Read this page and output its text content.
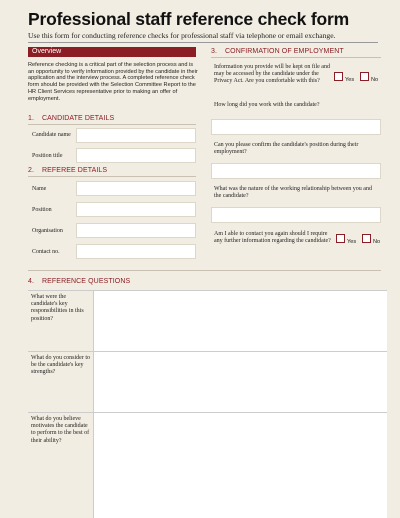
Professional staff reference check form
Use this form for conducting reference checks for professional staff via telephone or email exchange.
Overview
Reference checking is a critical part of the selection process and is an opportunity to verify information provided by the candidate in their application and the interview process. A completed reference check form should be provided with the Selection Committee Report to the HR Client Services representative prior to making an offer of employment.
1. CANDIDATE DETAILS
Candidate name
Position title
2. REFEREE DETAILS
Name
Position
Organisation
Contact no.
3. CONFIRMATION OF EMPLOYMENT
Information you provide will be kept on file and may be accessed by the candidate under the Privacy Act. Are you comfortable with this?	Yes	No
How long did you work with the candidate?
Can you please confirm the candidate's position during their employment?
What was the nature of the working relationship between you and the candidate?
Am I able to contact you again should I require any further information regarding the candidate?	Yes	No
4. REFERENCE QUESTIONS
What were the candidate's key responsibilities in this position?
What do you consider to be the candidate's key strengths?
What do you believe motivates the candidate to perform to the best of their ability?
